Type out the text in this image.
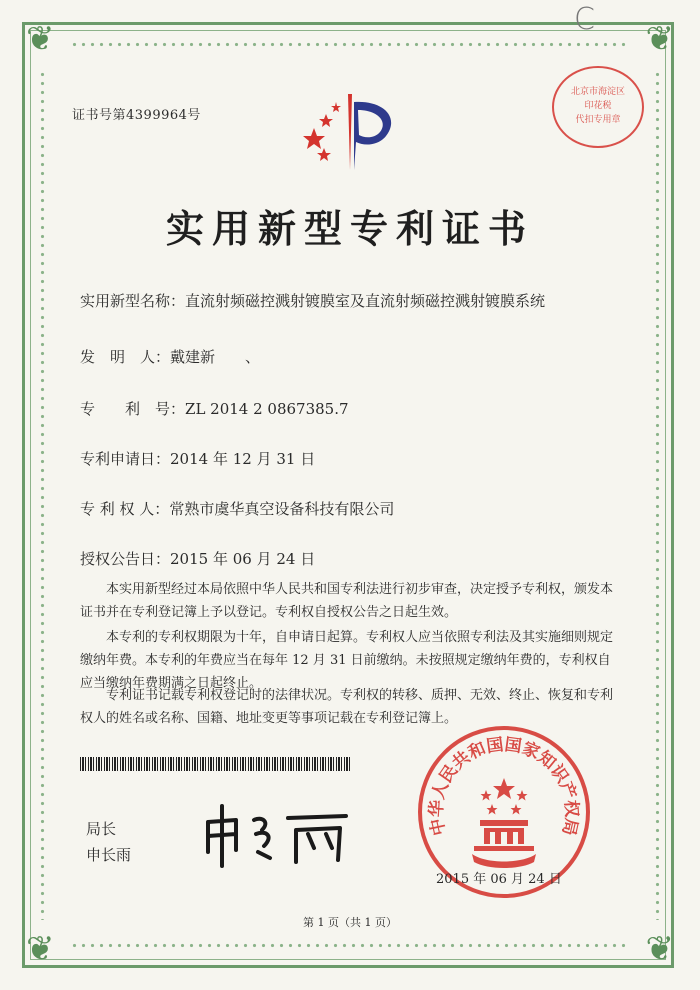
❦	❦
❦	❦
C
证书号第4399964号
北京市海淀区
印花税
代扣专用章
实用新型专利证书
实用新型名称：直流射频磁控溅射镀膜室及直流射频磁控溅射镀膜系统
发　明　人：戴建新　　、
专　　利　号：ZL 2014 2 0867385.7
专利申请日：2014 年 12 月 31 日
专 利 权 人：常熟市虞华真空设备科技有限公司
授权公告日：2015 年 06 月 24 日
本实用新型经过本局依照中华人民共和国专利法进行初步审查，决定授予专利权，颁发本证书并在专利登记簿上予以登记。专利权自授权公告之日起生效。
本专利的专利权期限为十年，自申请日起算。专利权人应当依照专利法及其实施细则规定缴纳年费。本专利的年费应当在每年 12 月 31 日前缴纳。未按照规定缴纳年费的，专利权自应当缴纳年费期满之日起终止。
专利证书记载专利权登记时的法律状况。专利权的转移、质押、无效、终止、恢复和专利权人的姓名或名称、国籍、地址变更等事项记载在专利登记簿上。
局长
申长雨
中华人民共和国国家知识产权局
2015 年 06 月 24 日
第 1 页（共 1 页）
